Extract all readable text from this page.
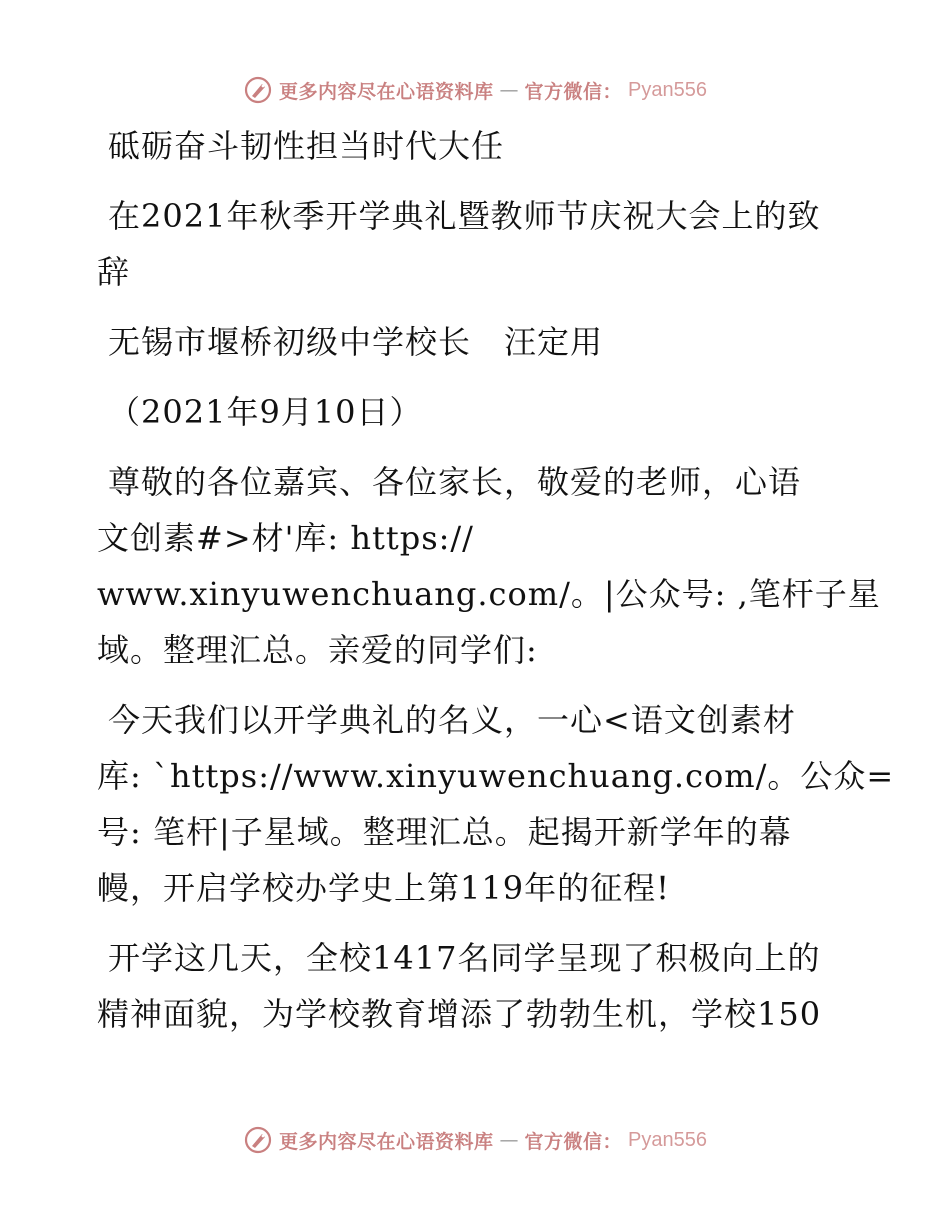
更多内容尽在心语资料库 — 官方微信： Pyan556
砥砺奋斗韧性担当时代大任
在2021年秋季开学典礼暨教师节庆祝大会上的致
辞
无锡市堰桥初级中学校长　汪定用
（2021年9月10日）
尊敬的各位嘉宾、各位家长，敬爱的老师，心语
文创素#>材'库: https://
www.xinyuwenchuang.com/。|公众号: ,笔杆子星
域。整理汇总。亲爱的同学们:
今天我们以开学典礼的名义，一心<语文创素材
库: `https://www.xinyuwenchuang.com/。公众=
号: 笔杆|子星域。整理汇总。起揭开新学年的幕
幔，开启学校办学史上第119年的征程!
开学这几天，全校1417名同学呈现了积极向上的
精神面貌，为学校教育增添了勃勃生机，学校150
更多内容尽在心语资料库 — 官方微信： Pyan556
